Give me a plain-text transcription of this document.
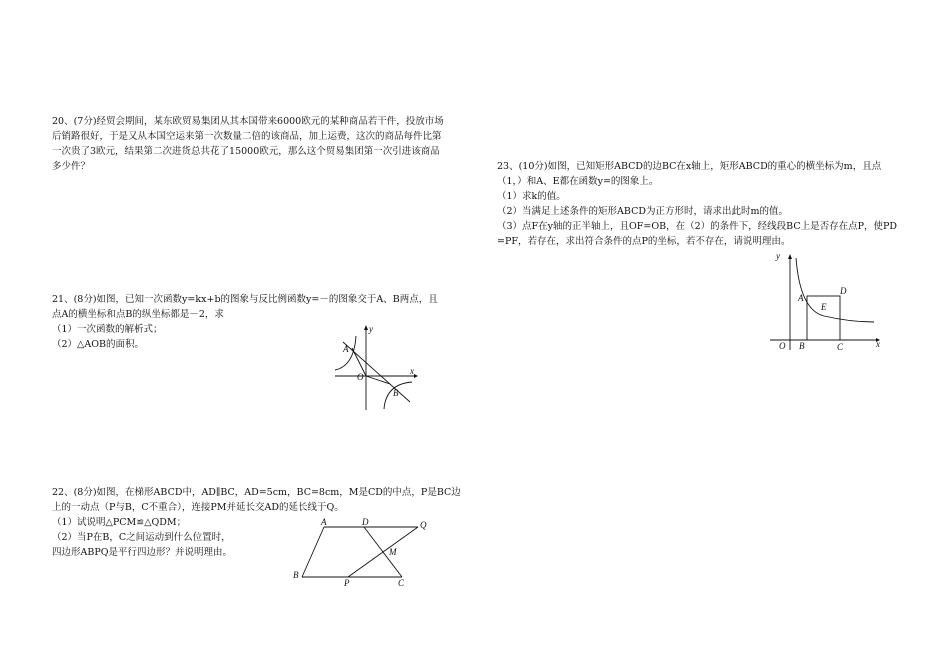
20、(7分)经贸会期间，某东欧贸易集团从其本国带来6000欧元的某种商品若干件，投放市场

后销路很好，于是又从本国空运来第一次数量二倍的该商品，加上运费，这次的商品每件比第

一次贵了3欧元，结果第二次进货总共花了15000欧元，那么这个贸易集团第一次引进该商品

多少件？

21、(8分)如图，已知一次函数y=kx+b的图象与反比例函数y=－的图象交于A、B两点，且

点A的横坐标和点B的纵坐标都是－2，求

（1）一次函数的解析式；

（2）△AOB的面积。

y
x
O
A
B

22、(8分)如图，在梯形ABCD中，AD∥BC，AD=5cm，BC=8cm，M是CD的中点，P是BC边

上的一动点（P与B，C不重合），连接PM并延长交AD的延长线于Q。

（1）试说明△PCM≌△QDM；

（2）当P在B，C之间运动到什么位置时，

四边形ABPQ是平行四边形？并说明理由。

A	D	Q
M
B
P	C

23、(10分)如图，已知矩形ABCD的边BC在x轴上，矩形ABCD的重心的横坐标为m，且点

（1，）和A、E都在函数y=的图象上。

（1）求k的值。

（2）当满足上述条件的矩形ABCD为正方形时，请求出此时m的值。

（3）点F在y轴的正半轴上，且OF=OB，在（2）的条件下，经线段BC上是否存在点P，使PD

=PF，若存在，求出符合条件的点P的坐标，若不存在，请说明理由。

y
x
O
A
B	C
D
E
